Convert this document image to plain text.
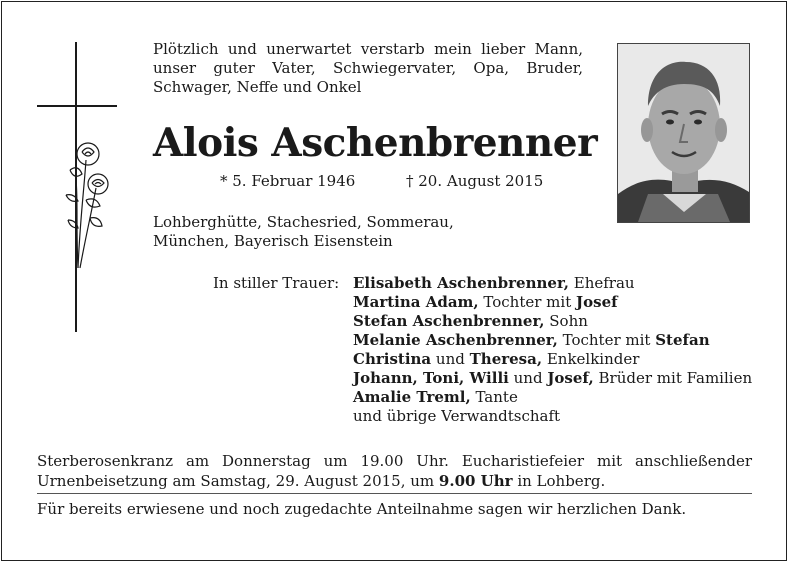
Plötzlich und unerwartet verstarb mein lieber Mann,
unser guter Vater, Schwiegervater, Opa, Bruder,
Schwager, Neffe und Onkel
Alois Aschenbrenner
* 5. Februar 1946	† 20. August 2015
Lohberghütte, Stachesried, Sommerau,
München, Bayerisch Eisenstein
In stiller Trauer: Elisabeth Aschenbrenner, Ehefrau
Martina Adam, Tochter mit Josef
Stefan Aschenbrenner, Sohn
Melanie Aschenbrenner, Tochter mit Stefan
Christina und Theresa, Enkelkinder
Johann, Toni, Willi und Josef, Brüder mit Familien
Amalie Treml, Tante
und übrige Verwandtschaft
Sterberosenkranz am Donnerstag um 19.00 Uhr. Eucharistiefeier mit anschließender
Urnenbeisetzung am Samstag, 29. August 2015, um 9.00 Uhr in Lohberg.
Für bereits erwiesene und noch zugedachte Anteilnahme sagen wir herzlichen Dank.
